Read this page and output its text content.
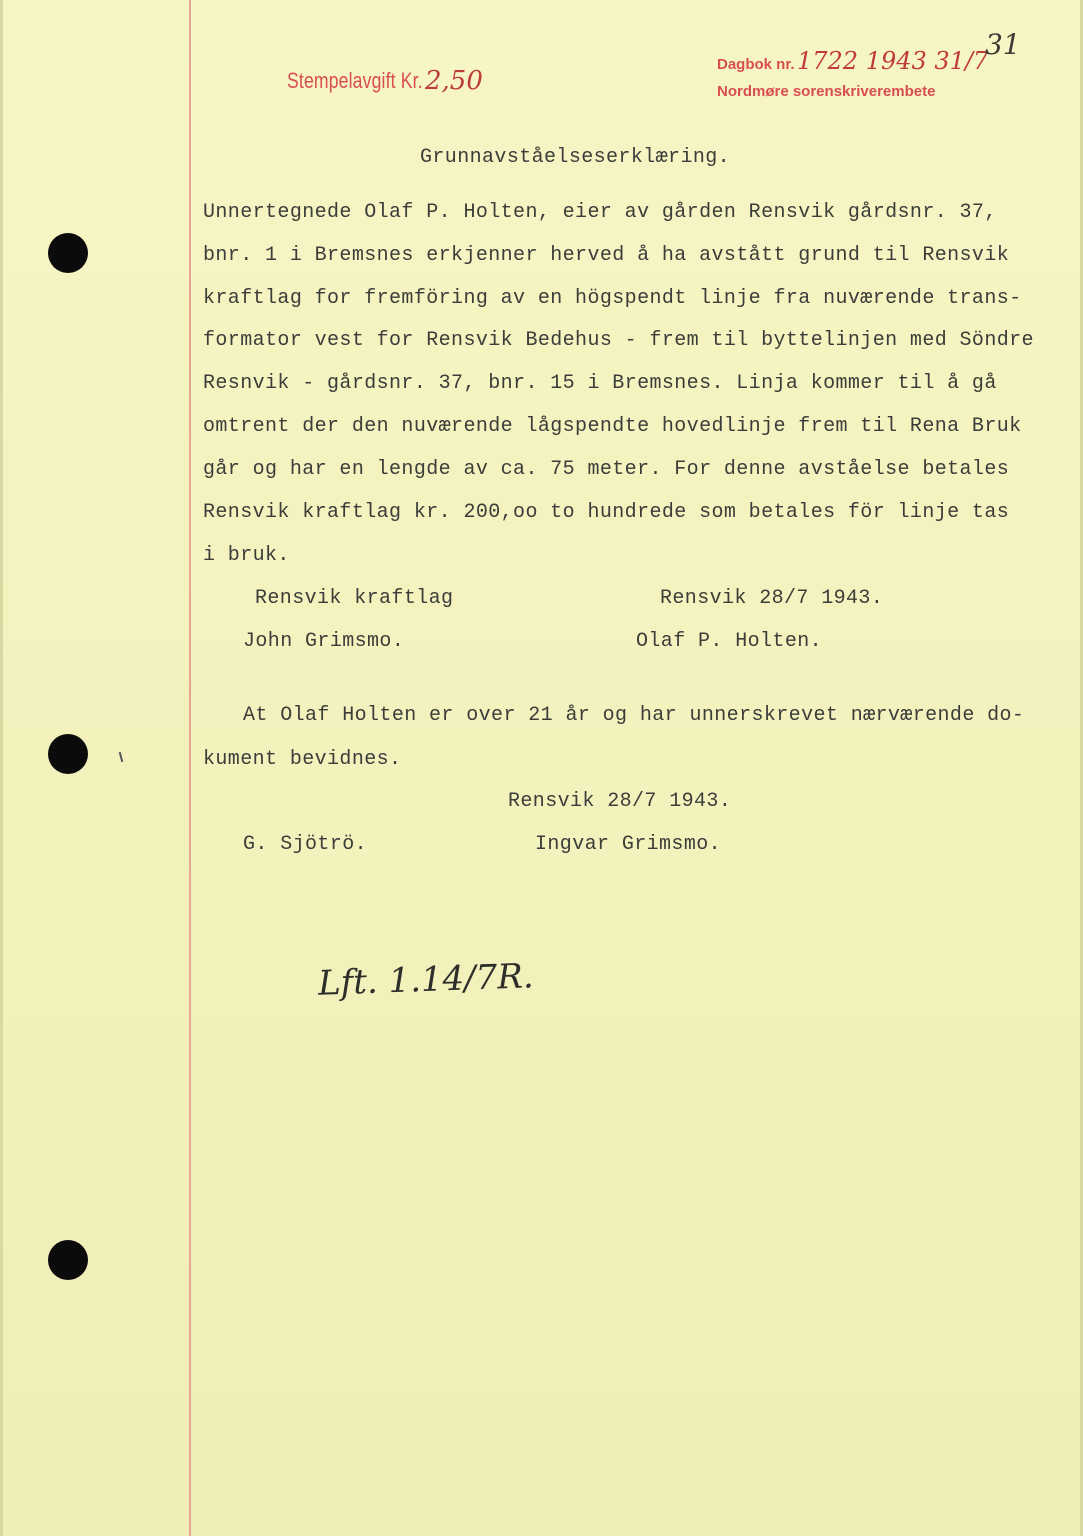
Stempelavgift Kr. 2,50
Dagbok nr. 1722 1943 31/7
Nordmøre sorenskriverembete
31
Grunnavståelseserklæring.
Unnertegnede Olaf P. Holten, eier av gården Rensvik gårdsnr. 37,
bnr. 1 i Bremsnes erkjenner herved å ha avstått grund til Rensvik
kraftlag for fremföring av en högspendt linje fra nuværende trans-
formator vest for Rensvik Bedehus - frem til byttelinjen med Söndre
Resnvik - gårdsnr. 37, bnr. 15 i Bremsnes. Linja kommer til å gå
omtrent der den nuværende lågspendte hovedlinje frem til Rena Bruk
går og har en lengde av ca. 75 meter. For denne avståelse betales
Rensvik kraftlag kr. 200,oo to hundrede som betales för linje tas
i bruk.
Rensvik kraftlag	Rensvik 28/7 1943.
John Grimsmo.	Olaf P. Holten.
At Olaf Holten er over 21 år og har unnerskrevet nærværende do-
kument bevidnes.
Rensvik 28/7 1943.
G. Sjötrö.	Ingvar Grimsmo.
Lft. 1.14/7R.
